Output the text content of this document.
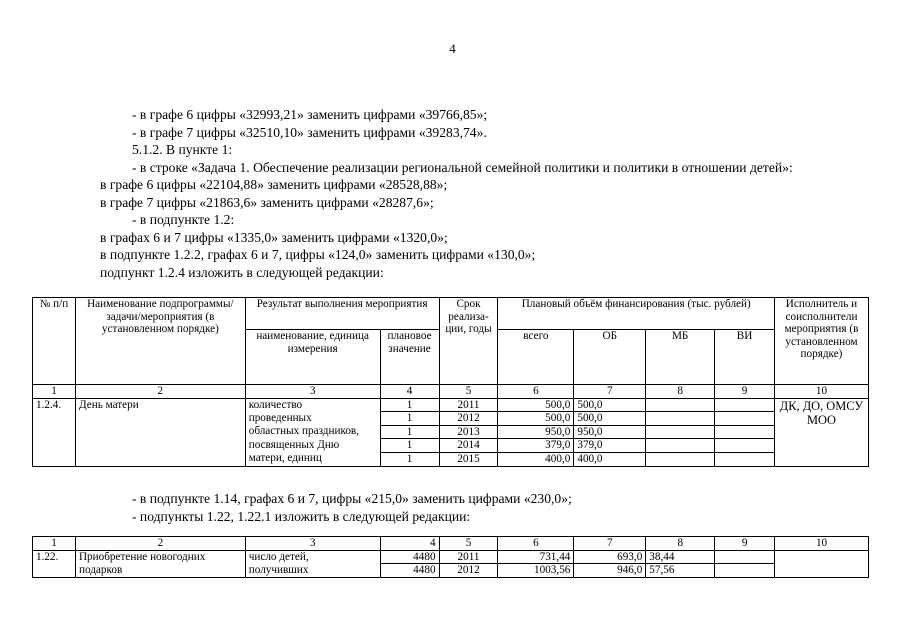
4
- в графе 6 цифры «32993,21» заменить цифрами «39766,85»;
- в графе 7 цифры «32510,10» заменить цифрами «39283,74».
5.1.2. В пункте 1:
- в строке «Задача 1. Обеспечение реализации региональной семейной политики и политики в отношении детей»:
в графе 6 цифры «22104,88» заменить цифрами «28528,88»;
в графе 7 цифры «21863,6» заменить цифрами «28287,6»;
- в подпункте 1.2:
в графах 6 и 7 цифры «1335,0» заменить цифрами «1320,0»;
в подпункте 1.2.2, графах 6 и 7, цифры «124,0» заменить цифрами «130,0»;
подпункт 1.2.4 изложить в следующей редакции:
№ п/п	Наименование подпрограммы/ задачи/мероприятия (в установленном порядке)	Результат выполнения мероприятия		Срок реализа-ции, годы	Плановый объём финансирования (тыс. рублей)				Исполнитель и соисполнители мероприятия (в установленном порядке)
		наименование, единица измерения	плановое значение		всего	ОБ	МБ	ВИ	
1	2	3	4	5	6	7	8	9	10
1.2.4.	День матери	количество	1	2011	500,0	500,0			ДК, ДО, ОМСУ МОО
		проведенных	1	2012	500,0	500,0			
		областных праздников,	1	2013	950,0	950,0			
		посвященных Дню	1	2014	379,0	379,0			
		матери, единиц	1	2015	400,0	400,0			
- в подпункте 1.14, графах 6 и 7, цифры «215,0» заменить цифрами «230,0»;
- подпункты 1.22, 1.22.1 изложить в следующей редакции:
1	2	3	4	5	6	7	8	9	10
1.22.	Приобретение новогодних	число детей,	4480	2011	731,44	693,0	38,44		
	подарков	получивших	4480	2012	1003,56	946,0	57,56		
